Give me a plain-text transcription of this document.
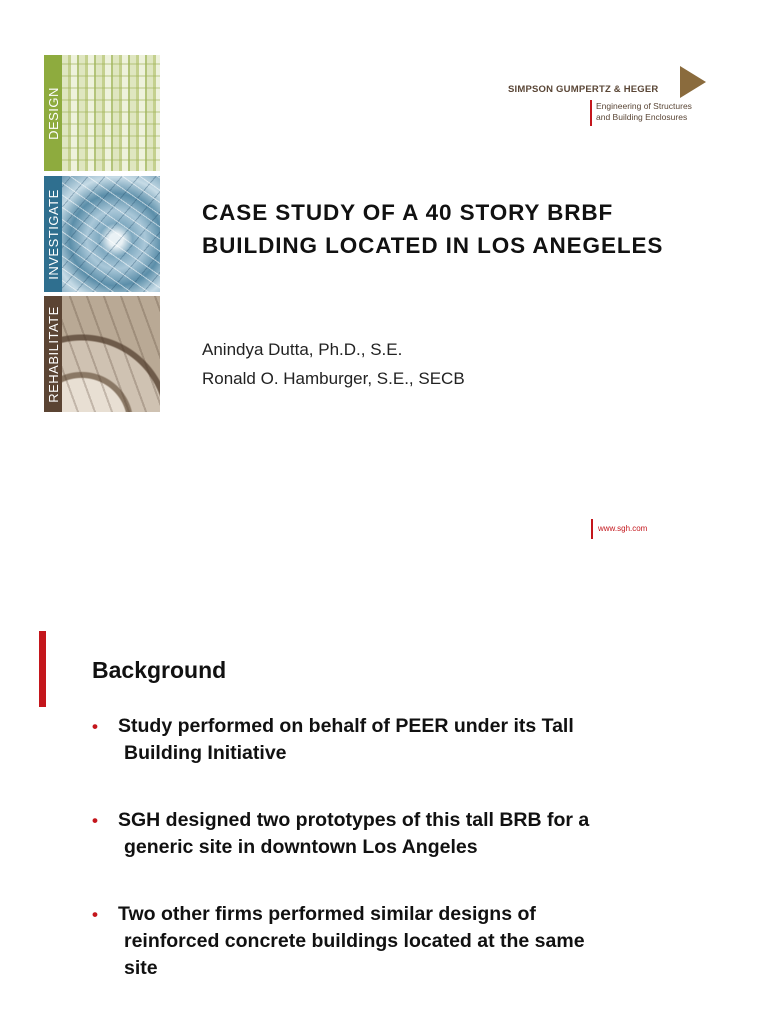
DESIGN
INVESTIGATE
REHABILITATE
SIMPSON GUMPERTZ & HEGER
Engineering of Structures
and Building Enclosures
CASE STUDY OF A 40 STORY BRBF
BUILDING LOCATED IN LOS ANEGELES
Anindya Dutta, Ph.D., S.E.
Ronald O. Hamburger, S.E., SECB
www.sgh.com
Background
• Study performed on behalf of PEER under its Tall
Building Initiative
• SGH designed two prototypes of this tall BRB for a
generic site in downtown Los Angeles
• Two other firms performed similar designs of
reinforced concrete buildings located at the same
site
